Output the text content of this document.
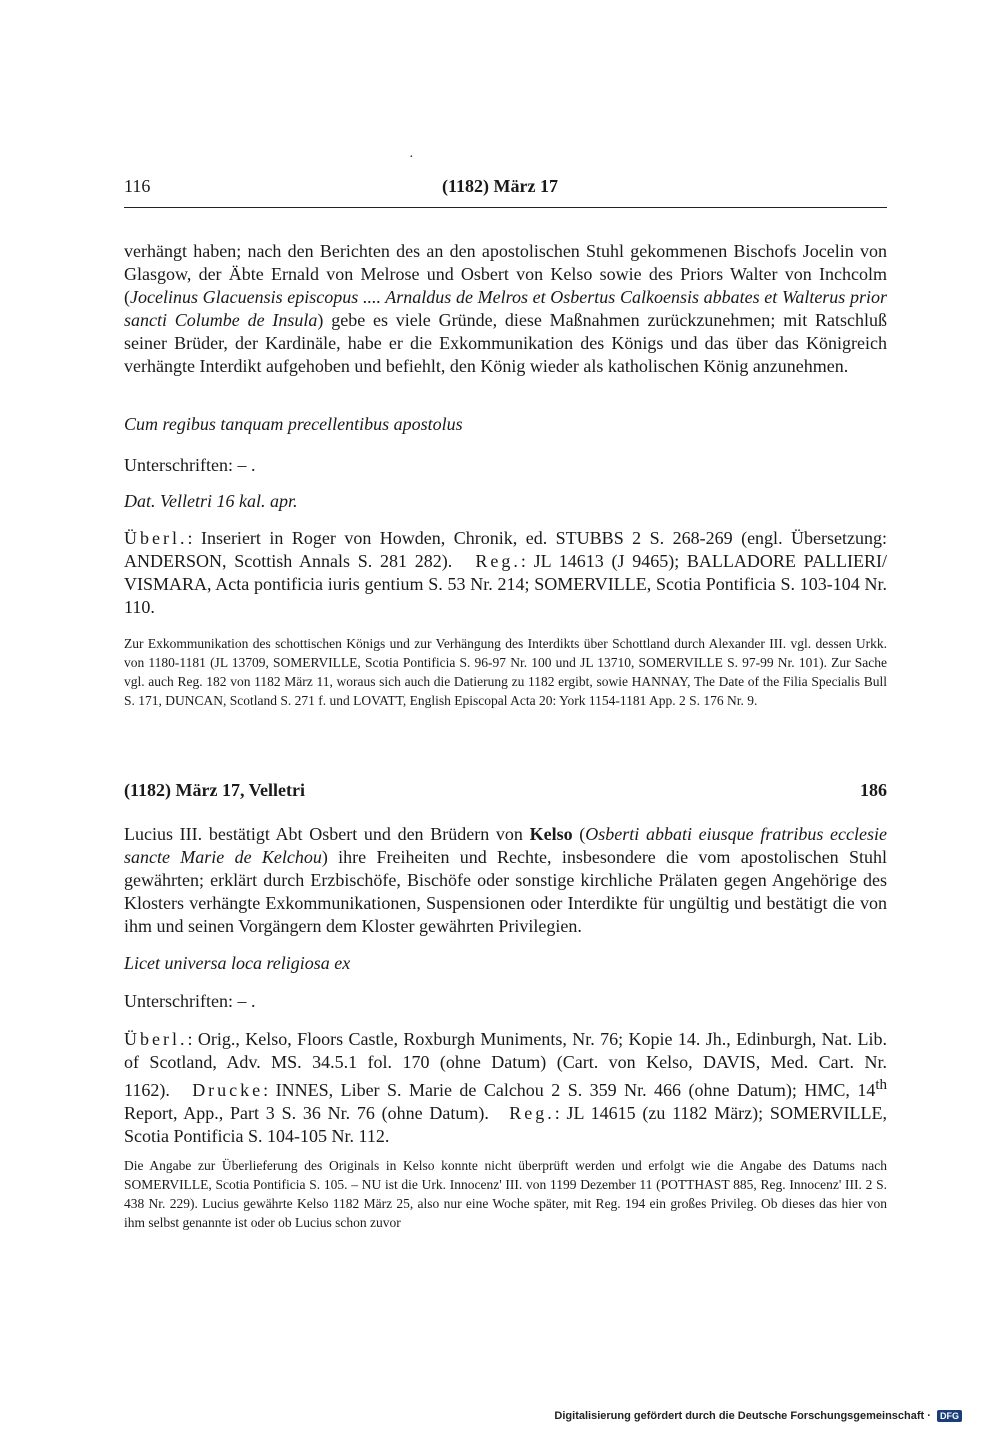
·
116	(1182) März 17

verhängt haben; nach den Berichten des an den apostolischen Stuhl gekommenen Bischofs Jocelin von Glasgow, der Äbte Ernald von Melrose und Osbert von Kelso sowie des Priors Walter von Inchcolm (Jocelinus Glacuensis episcopus .... Arnaldus de Melros et Osbertus Calkoensis abbates et Walterus prior sancti Columbe de Insula) gebe es viele Gründe, diese Maßnahmen zurückzunehmen; mit Ratschluß seiner Brüder, der Kardinäle, habe er die Exkommunikation des Königs und das über das Königreich verhängte Interdikt aufgehoben und befiehlt, den König wieder als katholischen König anzunehmen.

Cum regibus tanquam precellentibus apostolus

Unterschriften: – .

Dat. Velletri 16 kal. apr.

Überl.: Inseriert in Roger von Howden, Chronik, ed. STUBBS 2 S. 268-269 (engl. Übersetzung: ANDERSON, Scottish Annals S. 281 282). Reg.: JL 14613 (J 9465); BALLADORE PALLIERI/ VISMARA, Acta pontificia iuris gentium S. 53 Nr. 214; SOMERVILLE, Scotia Pontificia S. 103-104 Nr. 110.

Zur Exkommunikation des schottischen Königs und zur Verhängung des Interdikts über Schottland durch Alexander III. vgl. dessen Urkk. von 1180-1181 (JL 13709, SOMERVILLE, Scotia Pontificia S. 96-97 Nr. 100 und JL 13710, SOMERVILLE S. 97-99 Nr. 101). Zur Sache vgl. auch Reg. 182 von 1182 März 11, woraus sich auch die Datierung zu 1182 ergibt, sowie HANNAY, The Date of the Filia Specialis Bull S. 171, DUNCAN, Scotland S. 271 f. und LOVATT, English Episcopal Acta 20: York 1154-1181 App. 2 S. 176 Nr. 9.

(1182) März 17, Velletri	186

Lucius III. bestätigt Abt Osbert und den Brüdern von Kelso (Osberti abbati eiusque fratribus ecclesie sancte Marie de Kelchou) ihre Freiheiten und Rechte, insbesondere die vom apostolischen Stuhl gewährten; erklärt durch Erzbischöfe, Bischöfe oder sonstige kirchliche Prälaten gegen Angehörige des Klosters verhängte Exkommunikationen, Suspensionen oder Interdikte für ungültig und bestätigt die von ihm und seinen Vorgängern dem Kloster gewährten Privilegien.

Licet universa loca religiosa ex

Unterschriften: – .

Überl.: Orig., Kelso, Floors Castle, Roxburgh Muniments, Nr. 76; Kopie 14. Jh., Edinburgh, Nat. Lib. of Scotland, Adv. MS. 34.5.1 fol. 170 (ohne Datum) (Cart. von Kelso, DAVIS, Med. Cart. Nr. 1162). Drucke: INNES, Liber S. Marie de Calchou 2 S. 359 Nr. 466 (ohne Datum); HMC, 14th Report, App., Part 3 S. 36 Nr. 76 (ohne Datum). Reg.: JL 14615 (zu 1182 März); SOMERVILLE, Scotia Pontificia S. 104-105 Nr. 112.

Die Angabe zur Überlieferung des Originals in Kelso konnte nicht überprüft werden und erfolgt wie die Angabe des Datums nach SOMERVILLE, Scotia Pontificia S. 105. – NU ist die Urk. Innocenz' III. von 1199 Dezember 11 (POTTHAST 885, Reg. Innocenz' III. 2 S. 438 Nr. 229). Lucius gewährte Kelso 1182 März 25, also nur eine Woche später, mit Reg. 194 ein großes Privileg. Ob dieses das hier von ihm selbst genannte ist oder ob Lucius schon zuvor

Digitalisierung gefördert durch die Deutsche Forschungsgemeinschaft · DFG
